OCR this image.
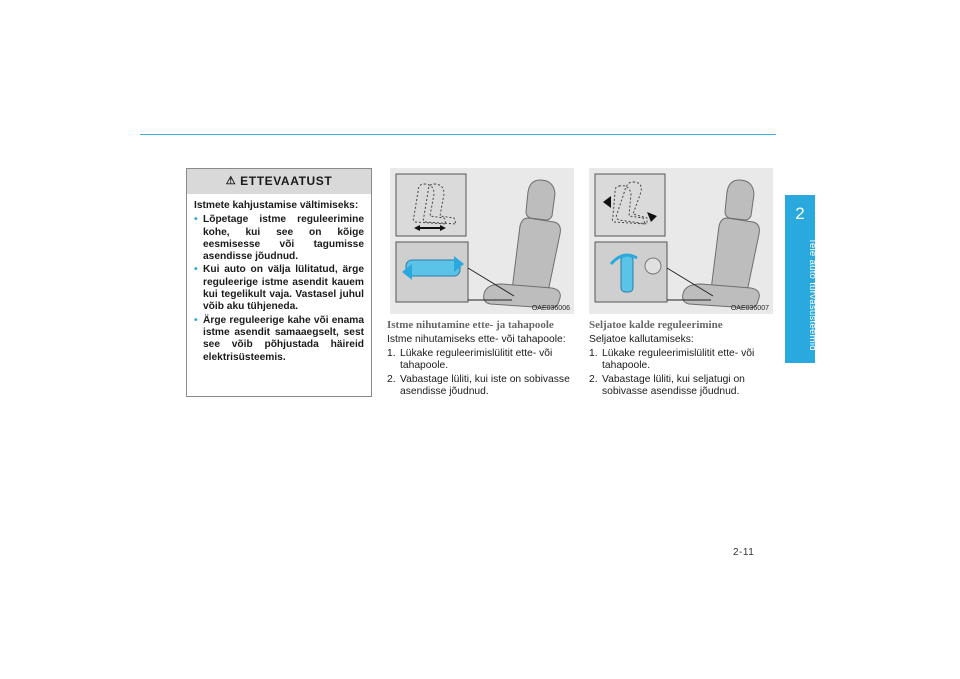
2
Teie auto turvasüsteemid
⚠ ETTEVAATUST

Istmete kahjustamise vältimiseks:

• Lõpetage istme reguleerimine kohe, kui see on kõige eesmisesse või tagumisse asendisse jõudnud.
• Kui auto on välja lülitatud, ärge reguleerige istme asendit kauem kui tegelikult vaja. Vastasel juhul võib aku tühjeneda.
• Ärge reguleerige kahe või enama istme asendit samaaegselt, sest see võib põhjustada häireid elektrisüsteemis.
OAE036006	OAE036007
Istme nihutamine ette- ja tahapoole

Istme nihutamiseks ette- või tahapoole:

1. Lükake reguleerimislülitit ette- või tahapoole.
2. Vabastage lüliti, kui iste on sobivasse asendisse jõudnud.
Seljatoe kalde reguleerimine

Seljatoe kallutamiseks:

1. Lükake reguleerimislülitit ette- või tahapoole.
2. Vabastage lüliti, kui seljatugi on sobivasse asendisse jõudnud.
2-11
